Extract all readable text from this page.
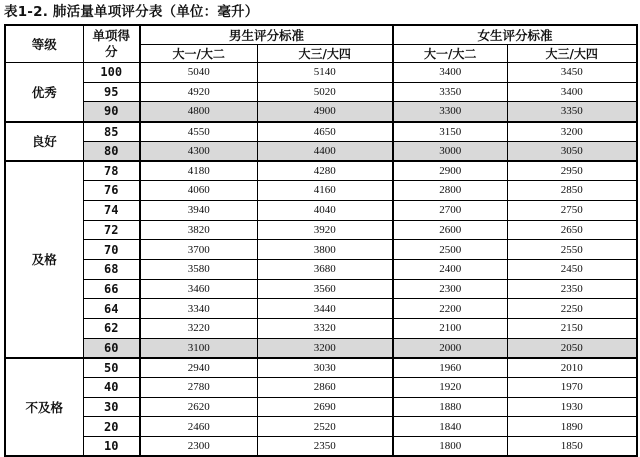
表1-2. 肺活量单项评分表（单位：毫升）
等级	单项得分	男生评分标准		女生评分标准	
		大一/大二	大三/大四	大一/大二	大三/大四
优秀	100	5040	5140	3400	3450
	95	4920	5020	3350	3400
	90	4800	4900	3300	3350
良好	85	4550	4650	3150	3200
	80	4300	4400	3000	3050
及格	78	4180	4280	2900	2950
	76	4060	4160	2800	2850
	74	3940	4040	2700	2750
	72	3820	3920	2600	2650
	70	3700	3800	2500	2550
	68	3580	3680	2400	2450
	66	3460	3560	2300	2350
	64	3340	3440	2200	2250
	62	3220	3320	2100	2150
	60	3100	3200	2000	2050
不及格	50	2940	3030	1960	2010
	40	2780	2860	1920	1970
	30	2620	2690	1880	1930
	20	2460	2520	1840	1890
	10	2300	2350	1800	1850
